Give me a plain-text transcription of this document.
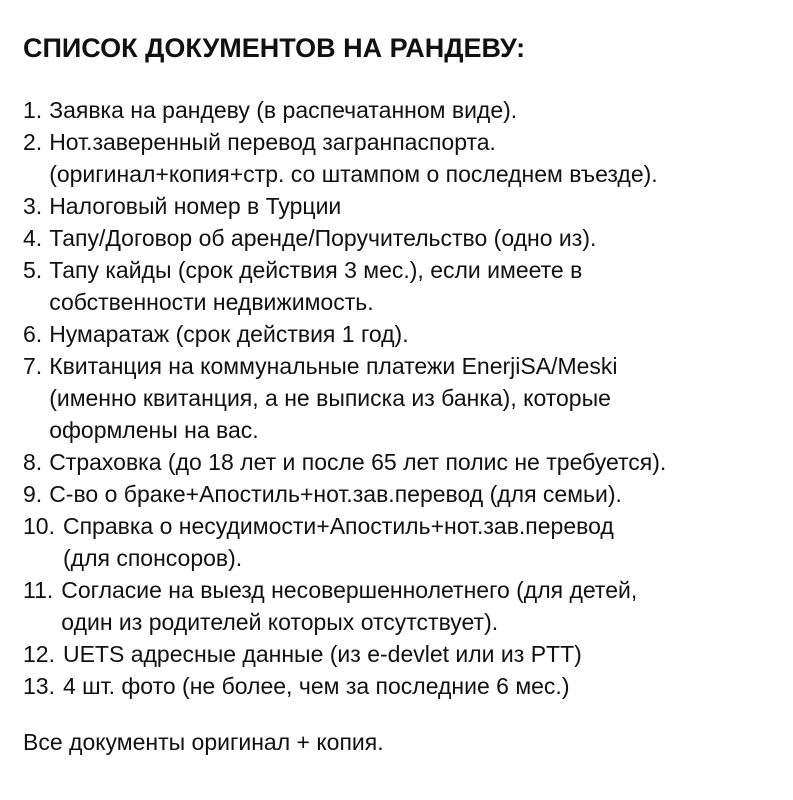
СПИСОК ДОКУМЕНТОВ НА РАНДЕВУ:
1. Заявка на рандеву (в распечатанном виде).
2. Нот.заверенный перевод загранпаспорта.
(оригинал+копия+стр. со штампом о последнем въезде).
3. Налоговый номер в Турции
4. Тапу/Договор об аренде/Поручительство (одно из).
5. Тапу кайды (срок действия 3 мес.), если имеете в
собственности недвижимость.
6. Нумаратаж (срок действия 1 год).
7. Квитанция на коммунальные платежи EnerjiSA/Meski
(именно квитанция, а не выписка из банка), которые
оформлены на вас.
8. Страховка (до 18 лет и после 65 лет полис не требуется).
9. С-во о браке+Апостиль+нот.зав.перевод (для семьи).
10. Справка о несудимости+Апостиль+нот.зав.перевод
(для спонсоров).
11. Согласие на выезд несовершеннолетнего (для детей,
один из родителей которых отсутствует).
12. UETS адресные данные (из e-devlet или из PTT)
13. 4 шт. фото (не более, чем за последние 6 мес.)
Все документы оригинал + копия.
